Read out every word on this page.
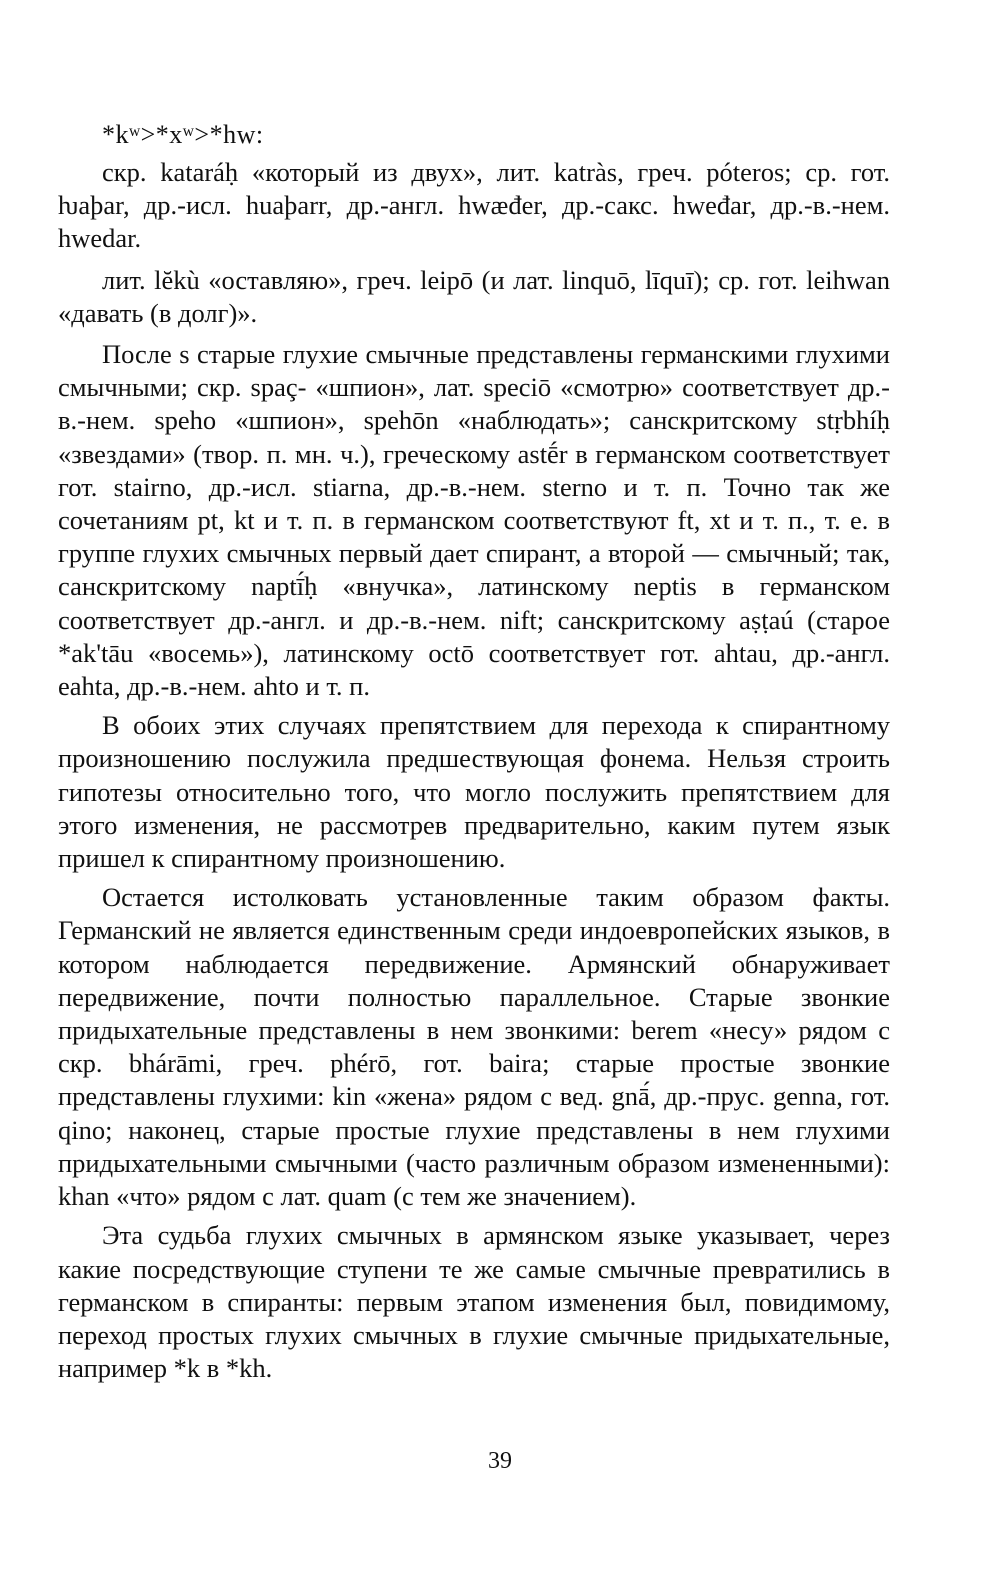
*kʷ>*xʷ>*hw:

скр. kataráḥ «который из двух», лит. katràs, греч. póteros; ср. гот. ƕaþar, др.-исл. huaþarr, др.-англ. hwæđer, др.-сакс. hweđar, др.-в.-нем. hwedar.

лит. lĕkù «оставляю», греч. leipō (и лат. linquō, līquī); ср. гот. leihwan «давать (в долг)».

После s старые глухие смычные представлены германскими глухими смычными; скр. spaç- «шпион», лат. speciō «смотрю» соответствует др.-в.-нем. speho «шпион», spehōn «наблюдать»; санскритскому stṛbhíḥ «звездами» (твор. п. мн. ч.), греческому astḗr в германском соответствует гот. stairno, др.-исл. stiarna, др.-в.-нем. sterno и т. п. Точно так же сочетаниям pt, kt и т. п. в германском соответствуют ft, xt и т. п., т. е. в группе глухих смычных первый дает спирант, а второй — смычный; так, санскритскому naptī́ḥ «внучка», латинскому neptis в германском соответствует др.-англ. и др.-в.-нем. nift; санскритскому aṣṭaú (старое *ak'tāu «восемь»), латинскому octō соответствует гот. ahtau, др.-англ. eahta, др.-в.-нем. ahto и т. п.

В обоих этих случаях препятствием для перехода к спирантному произношению послужила предшествующая фонема. Нельзя строить гипотезы относительно того, что могло послужить препятствием для этого изменения, не рассмотрев предварительно, каким путем язык пришел к спирантному произношению.

Остается истолковать установленные таким образом факты. Германский не является единственным среди индоевропейских языков, в котором наблюдается передвижение. Армянский обнаруживает передвижение, почти полностью параллельное. Старые звонкие придыхательные представлены в нем звонкими: berem «несу» рядом с скр. bhárāmi, греч. phérō, гот. baira; старые простые звонкие представлены глухими: kin «жена» рядом с вед. gnā́, др.-прус. genna, гот. qino; наконец, старые простые глухие представлены в нем глухими придыхательными смычными (часто различным образом измененными): khan «что» рядом с лат. quam (с тем же значением).

Эта судьба глухих смычных в армянском языке указывает, через какие посредствующие ступени те же самые смычные превратились в германском в спиранты: первым этапом изменения был, повидимому, переход простых глухих смычных в глухие смычные придыхательные, например *k в *kh.

39
